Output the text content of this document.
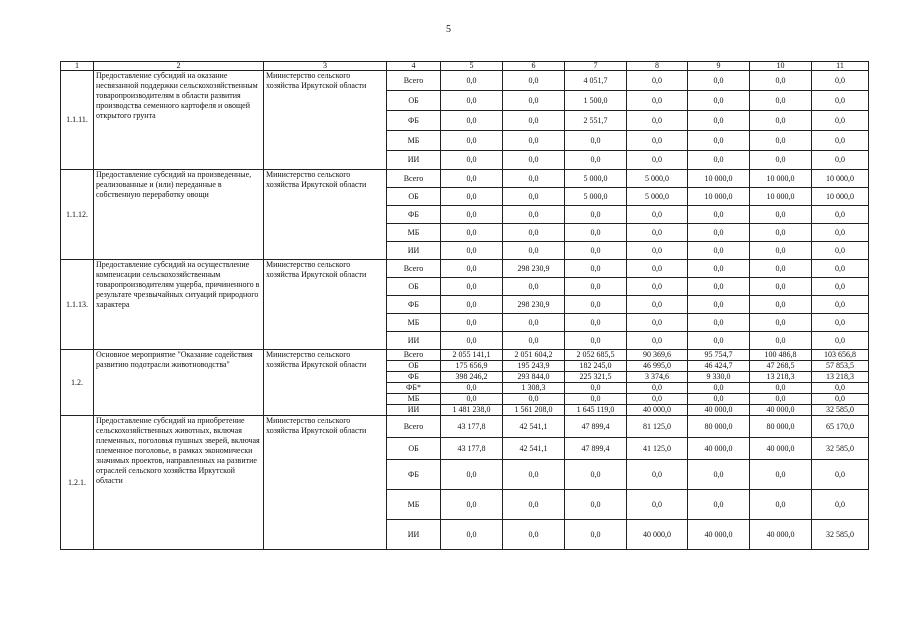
5
1	2	3	4	5	6	7	8	9	10	11
1.1.11.	Предоставление субсидий на оказание несвязанной поддержки сельскохозяйственным товаропроизводителям в области развития производства семенного картофеля и овощей открытого грунта	Министерство сельского хозяйства Иркутской области	Всего	0,0	0,0	4 051,7	0,0	0,0	0,0	0,0
			ОБ	0,0	0,0	1 500,0	0,0	0,0	0,0	0,0
			ФБ	0,0	0,0	2 551,7	0,0	0,0	0,0	0,0
			МБ	0,0	0,0	0,0	0,0	0,0	0,0	0,0
			ИИ	0,0	0,0	0,0	0,0	0,0	0,0	0,0
1.1.12.	Предоставление субсидий на произведенные, реализованные и (или) переданные в собственную переработку овощи	Министерство сельского хозяйства Иркутской области	Всего	0,0	0,0	5 000,0	5 000,0	10 000,0	10 000,0	10 000,0
			ОБ	0,0	0,0	5 000,0	5 000,0	10 000,0	10 000,0	10 000,0
			ФБ	0,0	0,0	0,0	0,0	0,0	0,0	0,0
			МБ	0,0	0,0	0,0	0,0	0,0	0,0	0,0
			ИИ	0,0	0,0	0,0	0,0	0,0	0,0	0,0
1.1.13.	Предоставление субсидий на осуществление компенсации сельскохозяйственным товаропроизводителям ущерба, причиненного в результате чрезвычайных ситуаций природного характера	Министерство сельского хозяйства Иркутской области	Всего	0,0	298 230,9	0,0	0,0	0,0	0,0	0,0
			ОБ	0,0	0,0	0,0	0,0	0,0	0,0	0,0
			ФБ	0,0	298 230,9	0,0	0,0	0,0	0,0	0,0
			МБ	0,0	0,0	0,0	0,0	0,0	0,0	0,0
			ИИ	0,0	0,0	0,0	0,0	0,0	0,0	0,0
1.2.	Основное мероприятие "Оказание содействия развитию подотрасли животноводства"	Министерство сельского хозяйства Иркутской области	Всего	2 055 141,1	2 051 604,2	2 052 685,5	90 369,6	95 754,7	100 486,8	103 656,8
			ОБ	175 656,9	195 243,9	182 245,0	46 995,0	46 424,7	47 268,5	57 853,5
			ФБ	398 246,2	293 844,0	225 321,5	3 374,6	9 330,0	13 218,3	13 218,3
			ФБ*	0,0	1 308,3	0,0	0,0	0,0	0,0	0,0
			МБ	0,0	0,0	0,0	0,0	0,0	0,0	0,0
			ИИ	1 481 238,0	1 561 208,0	1 645 119,0	40 000,0	40 000,0	40 000,0	32 585,0
1.2.1.	Предоставление субсидий на приобретение сельскохозяйственных животных, включая племенных, поголовья пушных зверей, включая племенное поголовье, в рамках экономически значимых проектов, направленных на развитие отраслей сельского хозяйства Иркутской области	Министерство сельского хозяйства Иркутской области	Всего	43 177,8	42 541,1	47 899,4	81 125,0	80 000,0	80 000,0	65 170,0
			ОБ	43 177,8	42 541,1	47 899,4	41 125,0	40 000,0	40 000,0	32 585,0
			ФБ	0,0	0,0	0,0	0,0	0,0	0,0	0,0
			МБ	0,0	0,0	0,0	0,0	0,0	0,0	0,0
			ИИ	0,0	0,0	0,0	40 000,0	40 000,0	40 000,0	32 585,0
